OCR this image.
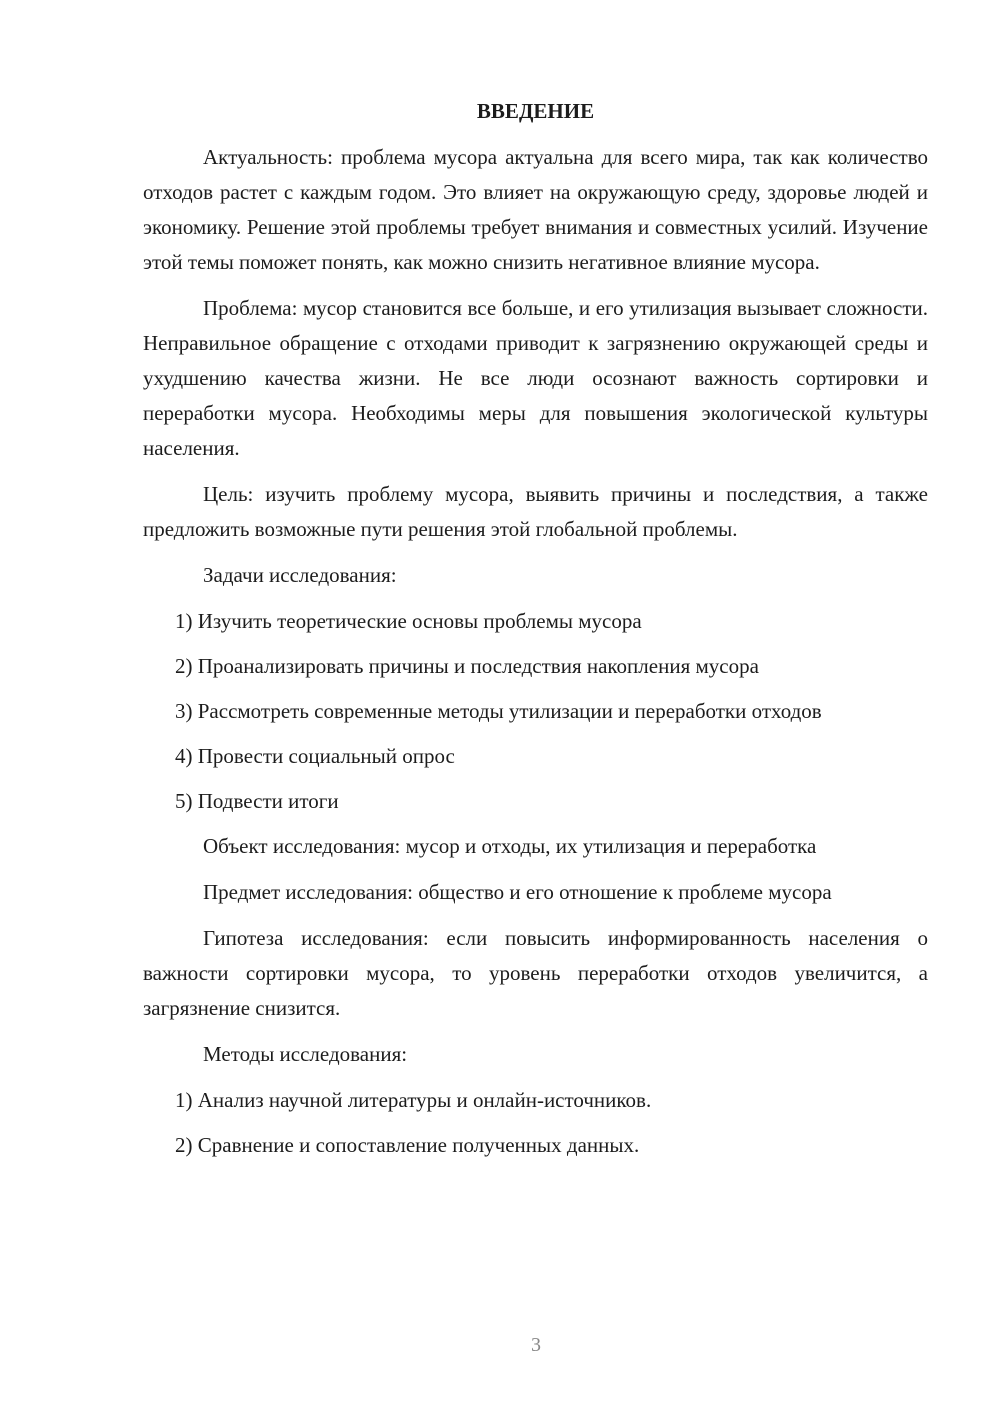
ВВЕДЕНИЕ
Актуальность: проблема мусора актуальна для всего мира, так как количество отходов растет с каждым годом. Это влияет на окружающую среду, здоровье людей и экономику. Решение этой проблемы требует внимания и совместных усилий. Изучение этой темы поможет понять, как можно снизить негативное влияние мусора.
Проблема: мусор становится все больше, и его утилизация вызывает сложности. Неправильное обращение с отходами приводит к загрязнению окружающей среды и ухудшению качества жизни. Не все люди осознают важность сортировки и переработки мусора. Необходимы меры для повышения экологической культуры населения.
Цель: изучить проблему мусора, выявить причины и последствия, а также предложить возможные пути решения этой глобальной проблемы.
Задачи исследования:
1) Изучить теоретические основы проблемы мусора
2) Проанализировать причины и последствия накопления мусора
3) Рассмотреть современные методы утилизации и переработки отходов
4) Провести социальный опрос
5) Подвести итоги
Объект исследования: мусор и отходы, их утилизация и переработка
Предмет исследования: общество и его отношение к проблеме мусора
Гипотеза исследования: если повысить информированность населения о важности сортировки мусора, то уровень переработки отходов увеличится, а загрязнение снизится.
Методы исследования:
1) Анализ научной литературы и онлайн-источников.
2) Сравнение и сопоставление полученных данных.
3
